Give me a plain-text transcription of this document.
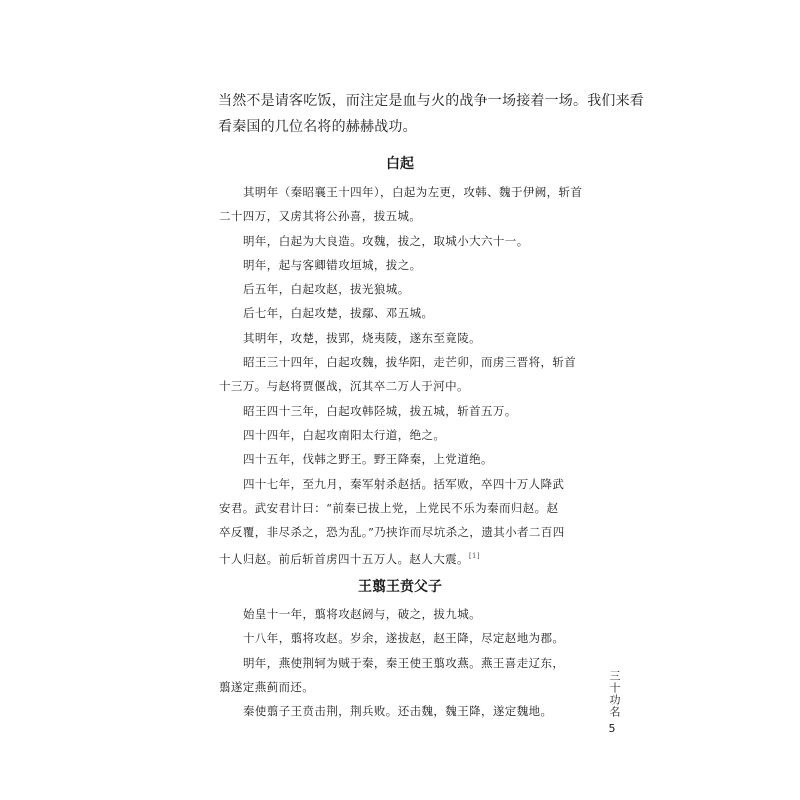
当然不是请客吃饭，而注定是血与火的战争一场接着一场。我们来看

看秦国的几位名将的赫赫战功。

白起

其明年（秦昭襄王十四年），白起为左更，攻韩、魏于伊阙，斩首

二十四万，又虏其将公孙喜，拔五城。

明年，白起为大良造。攻魏，拔之，取城小大六十一。

明年，起与客卿错攻垣城，拔之。

后五年，白起攻赵，拔光狼城。

后七年，白起攻楚，拔鄢、邓五城。

其明年，攻楚，拔郢，烧夷陵，遂东至竟陵。

昭王三十四年，白起攻魏，拔华阳，走芒卯，而虏三晋将，斩首

十三万。与赵将贾偃战，沉其卒二万人于河中。

昭王四十三年，白起攻韩陉城，拔五城，斩首五万。

四十四年，白起攻南阳太行道，绝之。

四十五年，伐韩之野王。野王降秦，上党道绝。

四十七年，至九月，秦军射杀赵括。括军败，卒四十万人降武

安君。武安君计曰：“前秦已拔上党，上党民不乐为秦而归赵。赵

卒反覆，非尽杀之，恐为乱。”乃挟诈而尽坑杀之，遗其小者二百四

十人归赵。前后斩首虏四十五万人。赵人大震。[1]

王翦王贲父子

始皇十一年，翦将攻赵阏与，破之，拔九城。

十八年，翦将攻赵。岁余，遂拔赵，赵王降，尽定赵地为郡。

明年，燕使荆轲为贼于秦，秦王使王翦攻燕。燕王喜走辽东，

翦遂定燕蓟而还。

秦使翦子王贲击荆，荆兵败。还击魏，魏王降，遂定魏地。	三十功名
5
